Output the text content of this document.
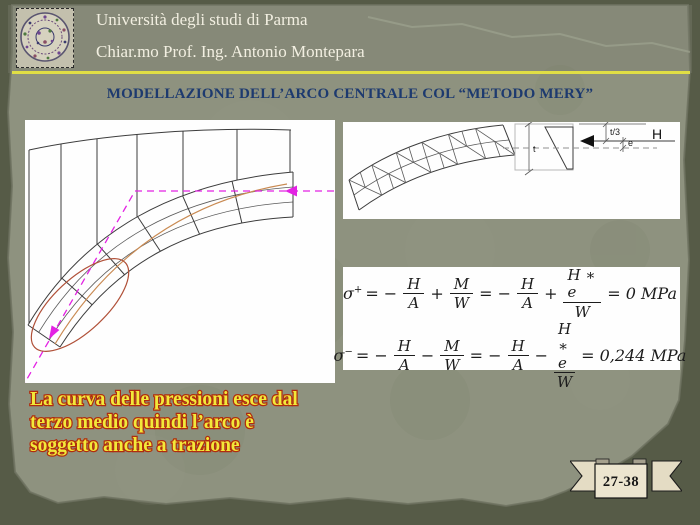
Università degli studi di Parma
Chiar.mo Prof. Ing. Antonio Montepara
MODELLAZIONE DELL’ARCO CENTRALE COL “METODO MERY”
t
t/3
e
H
σ+ = − $\frac{H}{A} + \frac{M}{W}$ = − $\frac{H}{A} + \frac{H ∗ e}{W} = 0$ MPa
σ− = − $\frac{H}{A} - \frac{M}{W}$ = − $\frac{H}{A} - \frac{H ∗ e}{W} = 0,244$ MPa
La curva delle pressioni esce dal
terzo medio quindi l’arco è
soggetto anche a trazione
27-38
